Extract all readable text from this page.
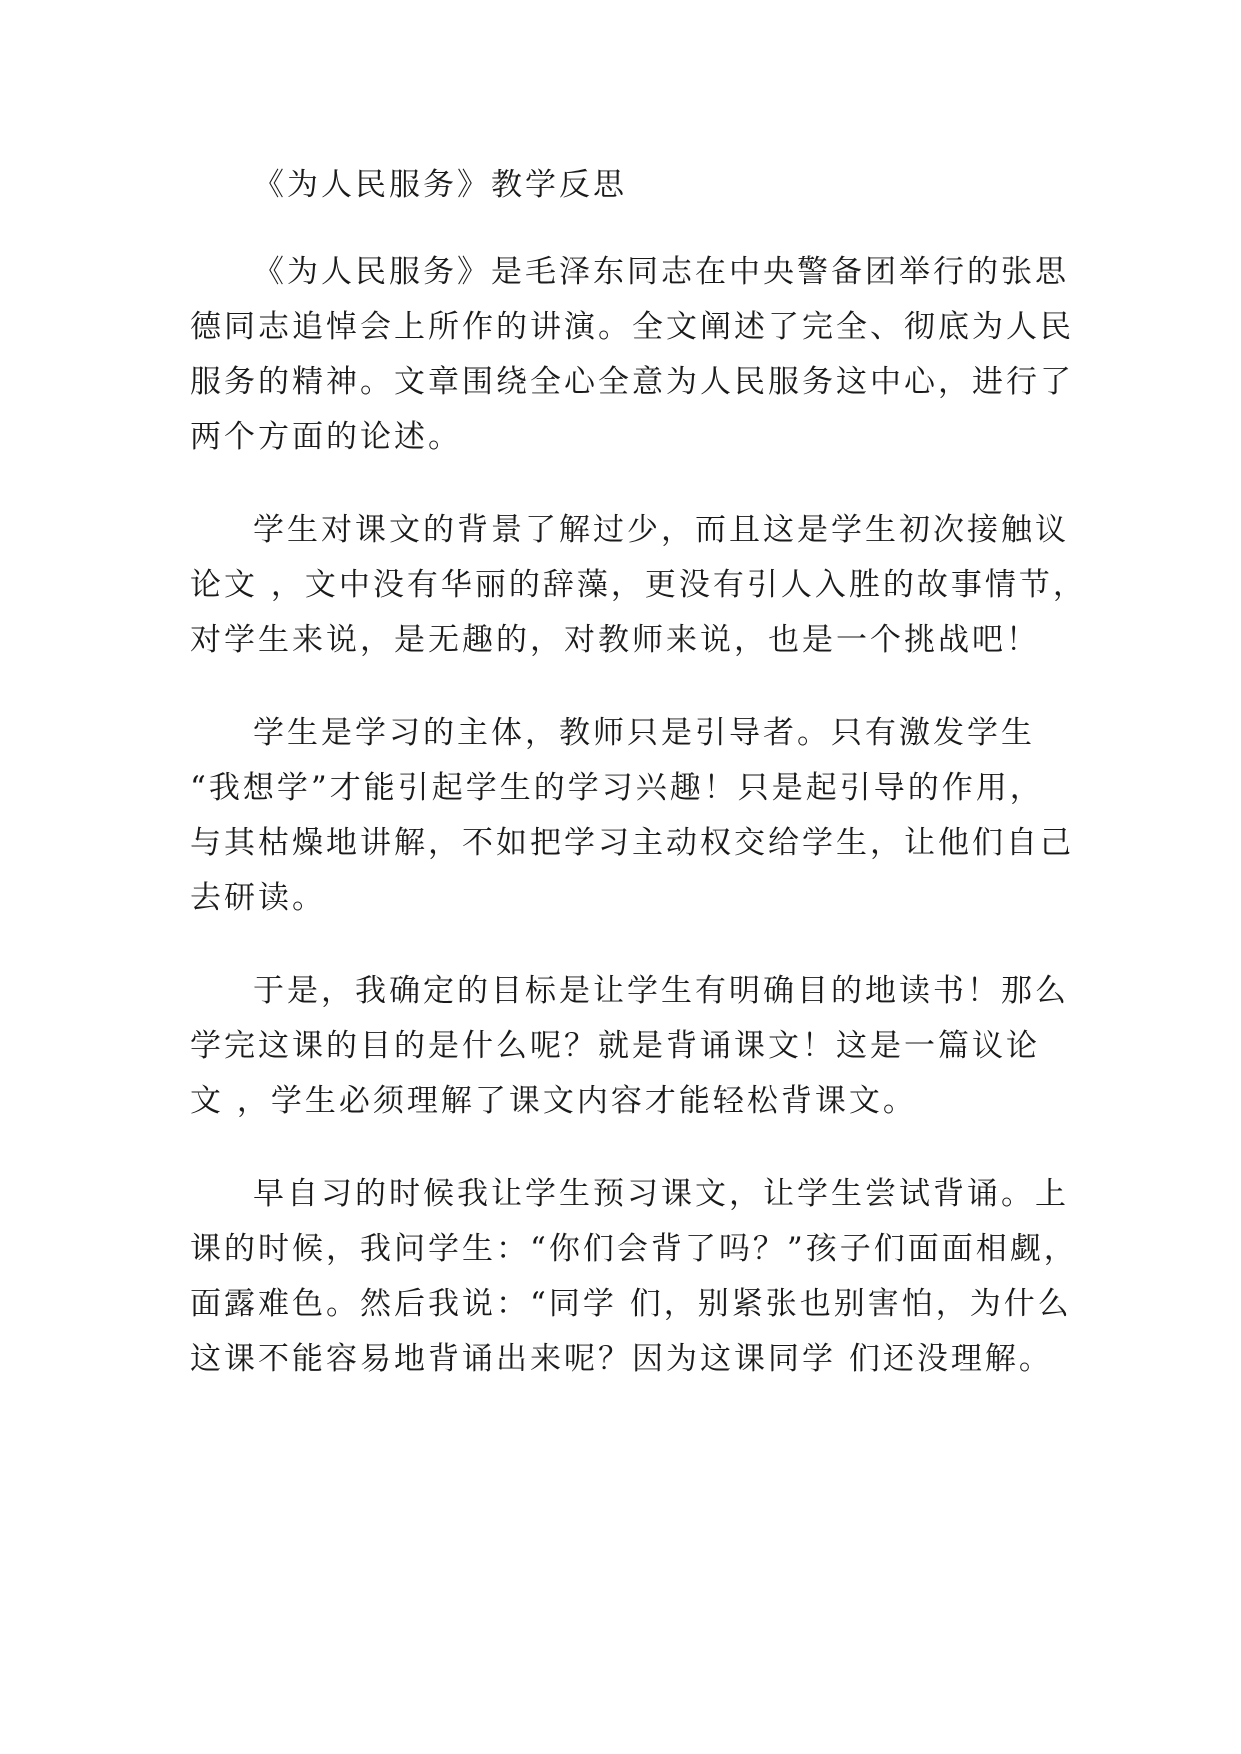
《为人民服务》教学反思

《为人民服务》是毛泽东同志在中央警备团举行的张思

德同志追悼会上所作的讲演。全文阐述了完全、彻底为人民

服务的精神。文章围绕全心全意为人民服务这中心，进行了

两个方面的论述。

学生对课文的背景了解过少，而且这是学生初次接触议

论文 ，文中没有华丽的辞藻，更没有引人入胜的故事情节，

对学生来说，是无趣的，对教师来说，也是一个挑战吧！

学生是学习的主体，教师只是引导者。只有激发学生

“我想学”才能引起学生的学习兴趣！只是起引导的作用，

与其枯燥地讲解，不如把学习主动权交给学生，让他们自己

去研读。

于是，我确定的目标是让学生有明确目的地读书！那么

学完这课的目的是什么呢？就是背诵课文！这是一篇议论

文 ，学生必须理解了课文内容才能轻松背课文。

早自习的时候我让学生预习课文，让学生尝试背诵。上

课的时候，我问学生：“你们会背了吗？”孩子们面面相觑，

面露难色。然后我说：“同学 们，别紧张也别害怕，为什么

这课不能容易地背诵出来呢？因为这课同学 们还没理解。
